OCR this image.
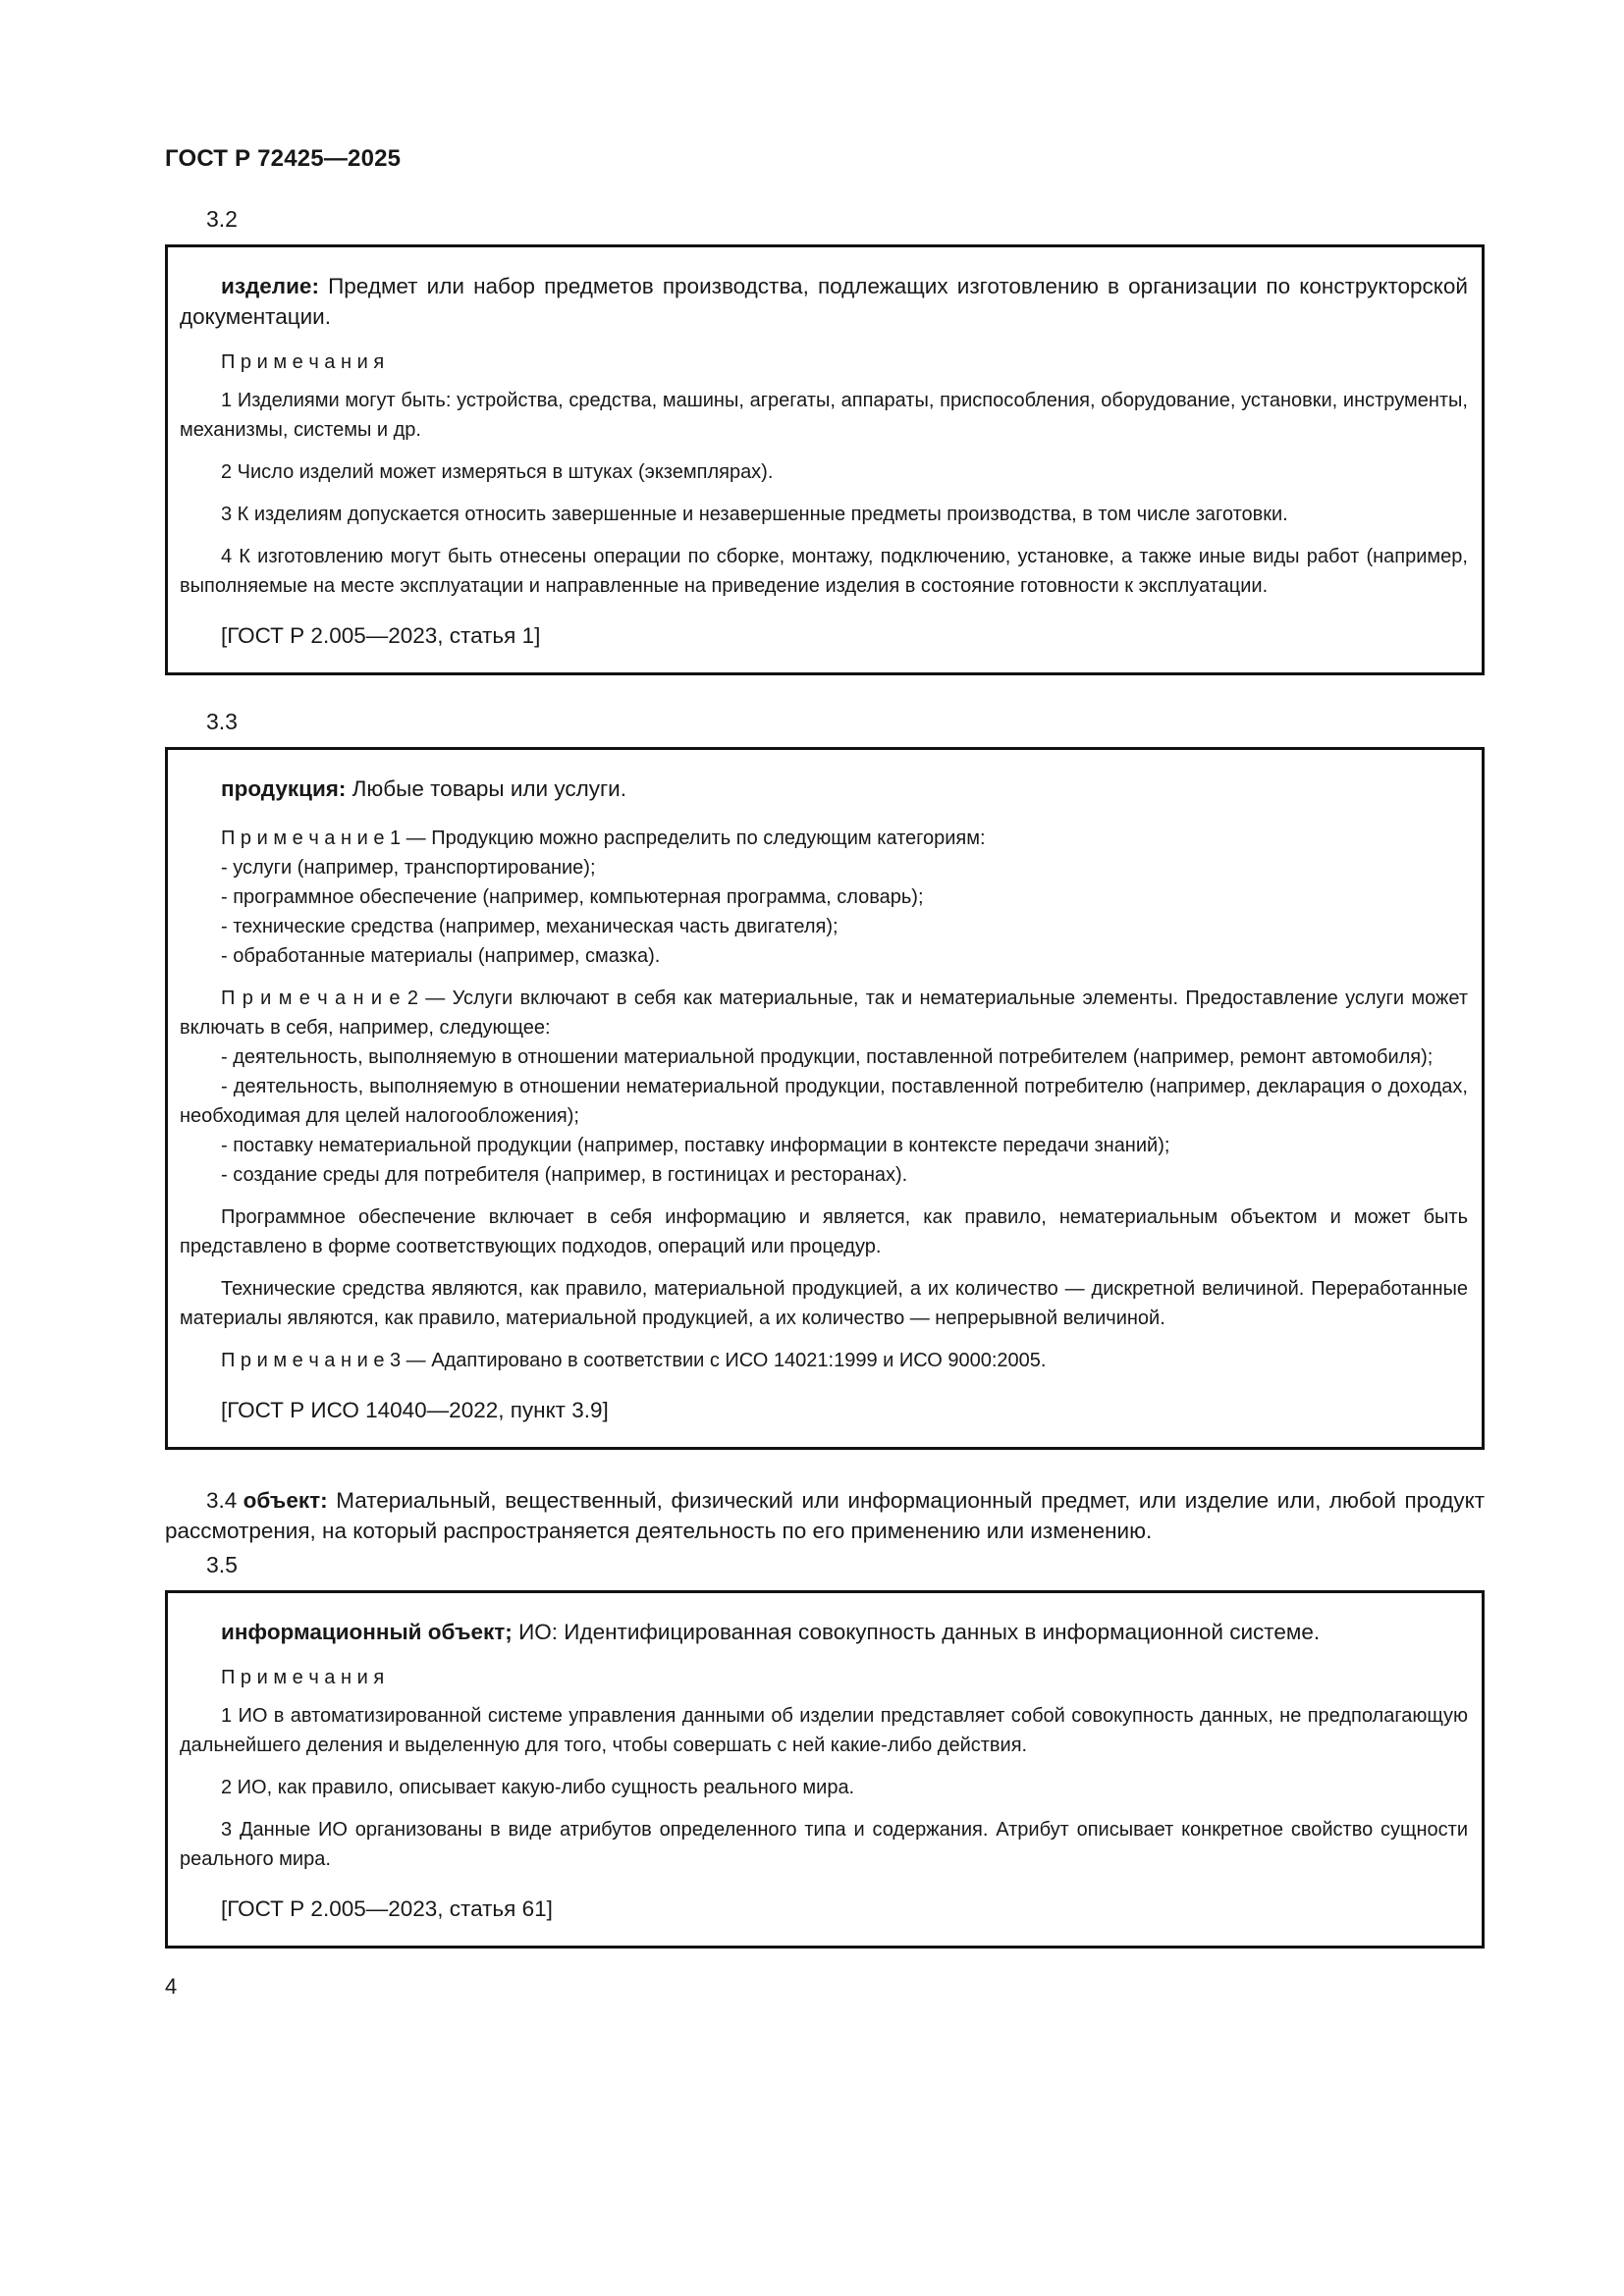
ГОСТ Р 72425—2025
3.2

изделие: Предмет или набор предметов производства, подлежащих изготовлению в организации по конструкторской документации.

П р и м е ч а н и я

1 Изделиями могут быть: устройства, средства, машины, агрегаты, аппараты, приспособления, оборудование, установки, инструменты, механизмы, системы и др.

2 Число изделий может измеряться в штуках (экземплярах).

3 К изделиям допускается относить завершенные и незавершенные предметы производства, в том числе заготовки.

4 К изготовлению могут быть отнесены операции по сборке, монтажу, подключению, установке, а также иные виды работ (например, выполняемые на месте эксплуатации и направленные на приведение изделия в состояние готовности к эксплуатации.

[ГОСТ Р 2.005—2023, статья 1]

3.3

продукция: Любые товары или услуги.

П р и м е ч а н и е 1 — Продукцию можно распределить по следующим категориям:

- услуги (например, транспортирование);

- программное обеспечение (например, компьютерная программа, словарь);

- технические средства (например, механическая часть двигателя);

- обработанные материалы (например, смазка).

П р и м е ч а н и е 2 — Услуги включают в себя как материальные, так и нематериальные элементы. Предоставление услуги может включать в себя, например, следующее:

- деятельность, выполняемую в отношении материальной продукции, поставленной потребителем (например, ремонт автомобиля);

- деятельность, выполняемую в отношении нематериальной продукции, поставленной потребителю (например, декларация о доходах, необходимая для целей налогообложения);

- поставку нематериальной продукции (например, поставку информации в контексте передачи знаний);

- создание среды для потребителя (например, в гостиницах и ресторанах).

Программное обеспечение включает в себя информацию и является, как правило, нематериальным объектом и может быть представлено в форме соответствующих подходов, операций или процедур.

Технические средства являются, как правило, материальной продукцией, а их количество — дискретной величиной. Переработанные материалы являются, как правило, материальной продукцией, а их количество — непрерывной величиной.

П р и м е ч а н и е 3 — Адаптировано в соответствии с ИСО 14021:1999 и ИСО 9000:2005.

[ГОСТ Р ИСО 14040—2022, пункт 3.9]

3.4 объект: Материальный, вещественный, физический или информационный предмет, или изделие или, любой продукт рассмотрения, на который распространяется деятельность по его применению или изменению.

3.5

информационный объект; ИО: Идентифицированная совокупность данных в информационной системе.

П р и м е ч а н и я

1 ИО в автоматизированной системе управления данными об изделии представляет собой совокупность данных, не предполагающую дальнейшего деления и выделенную для того, чтобы совершать с ней какие-либо действия.

2 ИО, как правило, описывает какую-либо сущность реального мира.

3 Данные ИО организованы в виде атрибутов определенного типа и содержания. Атрибут описывает конкретное свойство сущности реального мира.

[ГОСТ Р 2.005—2023, статья 61]

4
